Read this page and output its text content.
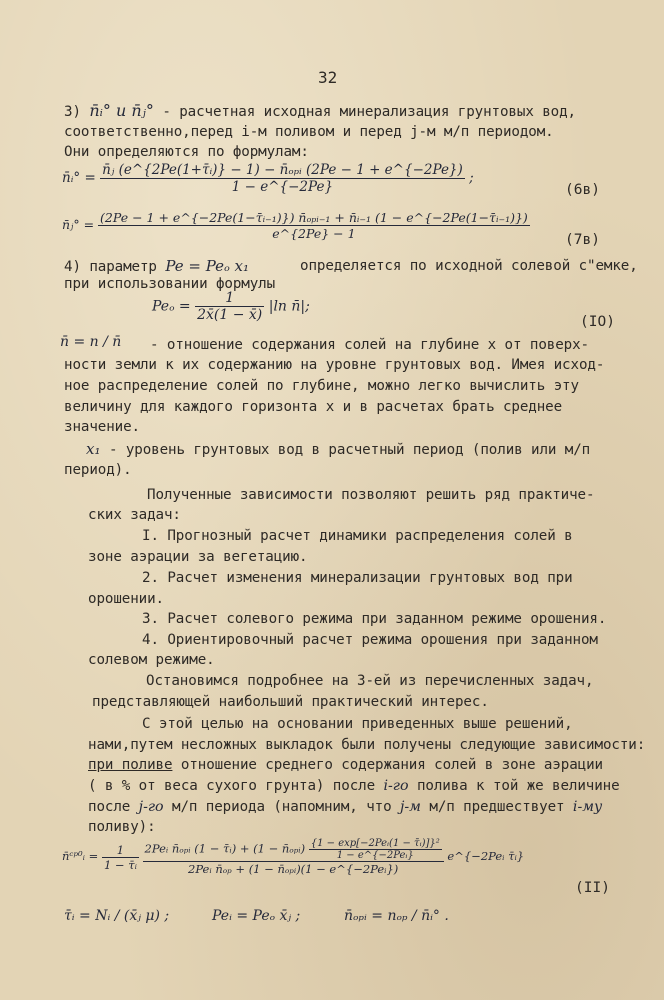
32
3) n̄ᵢ° и n̄ⱼ° - расчетная исходная минерализация грунтовых вод,
соответственно,перед i-м поливом и перед j-м м/п периодом.
Они определяются по формулам:
n̄ᵢ° = $\frac{\text{n̄ⱼ (e\textasciicircum{}\{2Pe(1+τ̄ᵢ)\} − 1) − n̄ₒₚᵢ (2Pe − 1 + e\textasciicircum{}\{−2Pe\})}}{1 - e\^{}\{-2Pe\}}$ ;
(6в)
n̄ⱼ° = (2Pe − 1 + e^{−2Pe(1−τ̄ᵢ₋₁)}) n̄ₒₚᵢ₋₁ + n̄ᵢ₋₁ (1 − e^{−2Pe(1−τ̄ᵢ₋₁)})
e^{2Pe} − 1	(7в)
4) параметр Pe = Peₒ x₁	определяется по исходной солевой с"емке,
при использовании формулы
$Pe_o = \frac{1}{2x̄(1 - x̄)} |\ln$ n̄|;
(IO)
n̄ = n / n̄ - отношение содержания солей на глубине x от поверх-
ности земли к их содержанию на уровне грунтовых вод. Имея исход-
ное распределение солей по глубине, можно легко вычислить эту
величину для каждого горизонта x и в расчетах брать среднее
значение.
x₁ - уровень грунтовых вод в расчетный период (полив или м/п
период).
Полученные зависимости позволяют решить ряд практиче-
ских задач:
I. Прогнозный расчет динамики распределения солей в
зоне аэрации за вегетацию.
2. Расчет изменения минерализации грунтовых вод при
орошении.
3. Расчет солевого режима при заданном режиме орошения.
4. Ориентировочный расчет режима орошения при заданном
солевом режиме.
Остановимся подробнее на 3-ей из перечисленных задач,
представляющей наибольший практический интерес.
С этой целью на основании приведенных выше решений,
нами,путем несложных выкладок были получены следующие зависимости:
при поливе отношение среднего содержания солей в зоне аэрации
( в % от веса сухого грунта) после i-го полива к той же величине
после j-го м/п периода (напомним, что j-м м/п предшествует i-му
поливу):
n̄ᶜᵖ⁰ᵢ = $\frac{1}{\text{1 − τ̄ᵢ}}$
2Peᵢ n̄ₒₚᵢ (1 − τ̄ᵢ) + (1 − n̄ₒₚᵢ) $\frac{\text{\{1 − exp[−2Peᵢ(1 − τ̄ᵢ)]\}²}}{\text{1 − e\textasciicircum{}\{−2Peᵢ\}}}$
2Peᵢ n̄ₒₚ + (1 − n̄ₒₚᵢ)(1 − e^{−2Peᵢ})
e^{−2Peᵢ τ̄ᵢ}
(II)
τ̄ᵢ = Nᵢ / (x̄ⱼ μ) ;	Peᵢ = Peₒ x̄ⱼ ;	n̄ₒₚᵢ = nₒₚ / n̄ᵢ° .
